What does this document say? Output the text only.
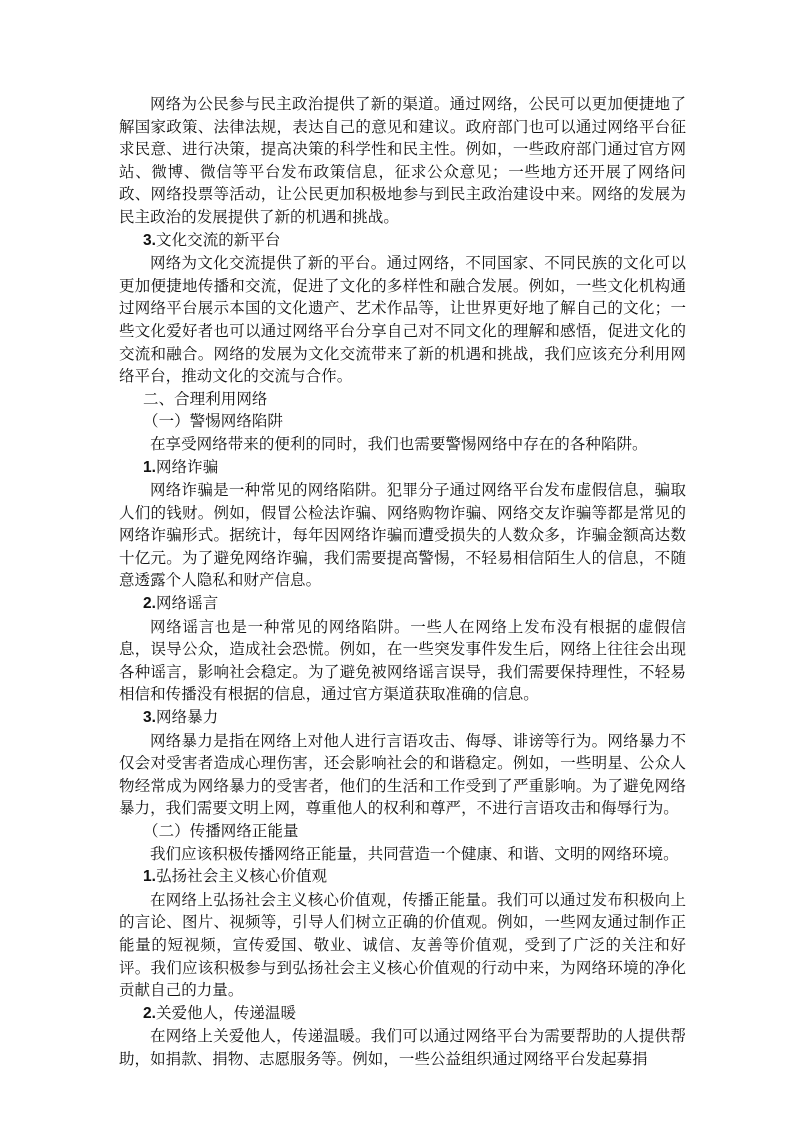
网络为公民参与民主政治提供了新的渠道。通过网络，公民可以更加便捷地了解国家政策、法律法规，表达自己的意见和建议。政府部门也可以通过网络平台征求民意、进行决策，提高决策的科学性和民主性。例如，一些政府部门通过官方网站、微博、微信等平台发布政策信息，征求公众意见；一些地方还开展了网络问政、网络投票等活动，让公民更加积极地参与到民主政治建设中来。网络的发展为民主政治的发展提供了新的机遇和挑战。

3.文化交流的新平台

网络为文化交流提供了新的平台。通过网络，不同国家、不同民族的文化可以更加便捷地传播和交流，促进了文化的多样性和融合发展。例如，一些文化机构通过网络平台展示本国的文化遗产、艺术作品等，让世界更好地了解自己的文化；一些文化爱好者也可以通过网络平台分享自己对不同文化的理解和感悟，促进文化的交流和融合。网络的发展为文化交流带来了新的机遇和挑战，我们应该充分利用网络平台，推动文化的交流与合作。

二、合理利用网络

（一）警惕网络陷阱

在享受网络带来的便利的同时，我们也需要警惕网络中存在的各种陷阱。

1.网络诈骗

网络诈骗是一种常见的网络陷阱。犯罪分子通过网络平台发布虚假信息，骗取人们的钱财。例如，假冒公检法诈骗、网络购物诈骗、网络交友诈骗等都是常见的网络诈骗形式。据统计，每年因网络诈骗而遭受损失的人数众多，诈骗金额高达数十亿元。为了避免网络诈骗，我们需要提高警惕，不轻易相信陌生人的信息，不随意透露个人隐私和财产信息。

2.网络谣言

网络谣言也是一种常见的网络陷阱。一些人在网络上发布没有根据的虚假信息，误导公众，造成社会恐慌。例如，在一些突发事件发生后，网络上往往会出现各种谣言，影响社会稳定。为了避免被网络谣言误导，我们需要保持理性，不轻易相信和传播没有根据的信息，通过官方渠道获取准确的信息。

3.网络暴力

网络暴力是指在网络上对他人进行言语攻击、侮辱、诽谤等行为。网络暴力不仅会对受害者造成心理伤害，还会影响社会的和谐稳定。例如，一些明星、公众人物经常成为网络暴力的受害者，他们的生活和工作受到了严重影响。为了避免网络暴力，我们需要文明上网，尊重他人的权利和尊严，不进行言语攻击和侮辱行为。

（二）传播网络正能量

我们应该积极传播网络正能量，共同营造一个健康、和谐、文明的网络环境。

1.弘扬社会主义核心价值观

在网络上弘扬社会主义核心价值观，传播正能量。我们可以通过发布积极向上的言论、图片、视频等，引导人们树立正确的价值观。例如，一些网友通过制作正能量的短视频，宣传爱国、敬业、诚信、友善等价值观，受到了广泛的关注和好评。我们应该积极参与到弘扬社会主义核心价值观的行动中来，为网络环境的净化贡献自己的力量。

2.关爱他人，传递温暖

在网络上关爱他人，传递温暖。我们可以通过网络平台为需要帮助的人提供帮助，如捐款、捐物、志愿服务等。例如，一些公益组织通过网络平台发起募捐
